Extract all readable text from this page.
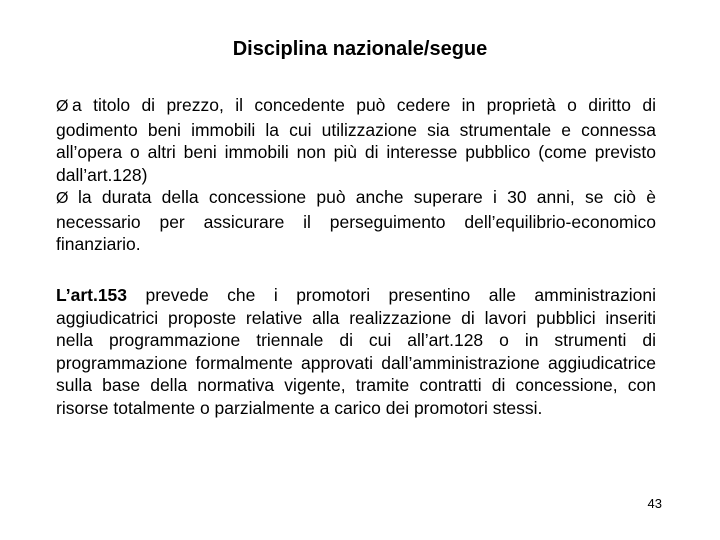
Disciplina nazionale/segue
Ø a titolo di prezzo, il concedente può cedere in proprietà o diritto di godimento beni immobili la cui utilizzazione sia strumentale e connessa all’opera o altri beni immobili non più di interesse pubblico (come previsto dall’art.128)
Ø la durata della concessione può anche superare i 30 anni, se ciò è necessario per assicurare il perseguimento dell’equilibrio-economico finanziario.

L’art.153 prevede che i promotori presentino alle amministrazioni aggiudicatrici proposte relative alla realizzazione di lavori pubblici inseriti nella programmazione triennale di cui all’art.128 o in strumenti di programmazione formalmente approvati dall’amministrazione aggiudicatrice sulla base della normativa vigente, tramite contratti di concessione, con risorse totalmente o parzialmente a carico dei promotori stessi.

43
